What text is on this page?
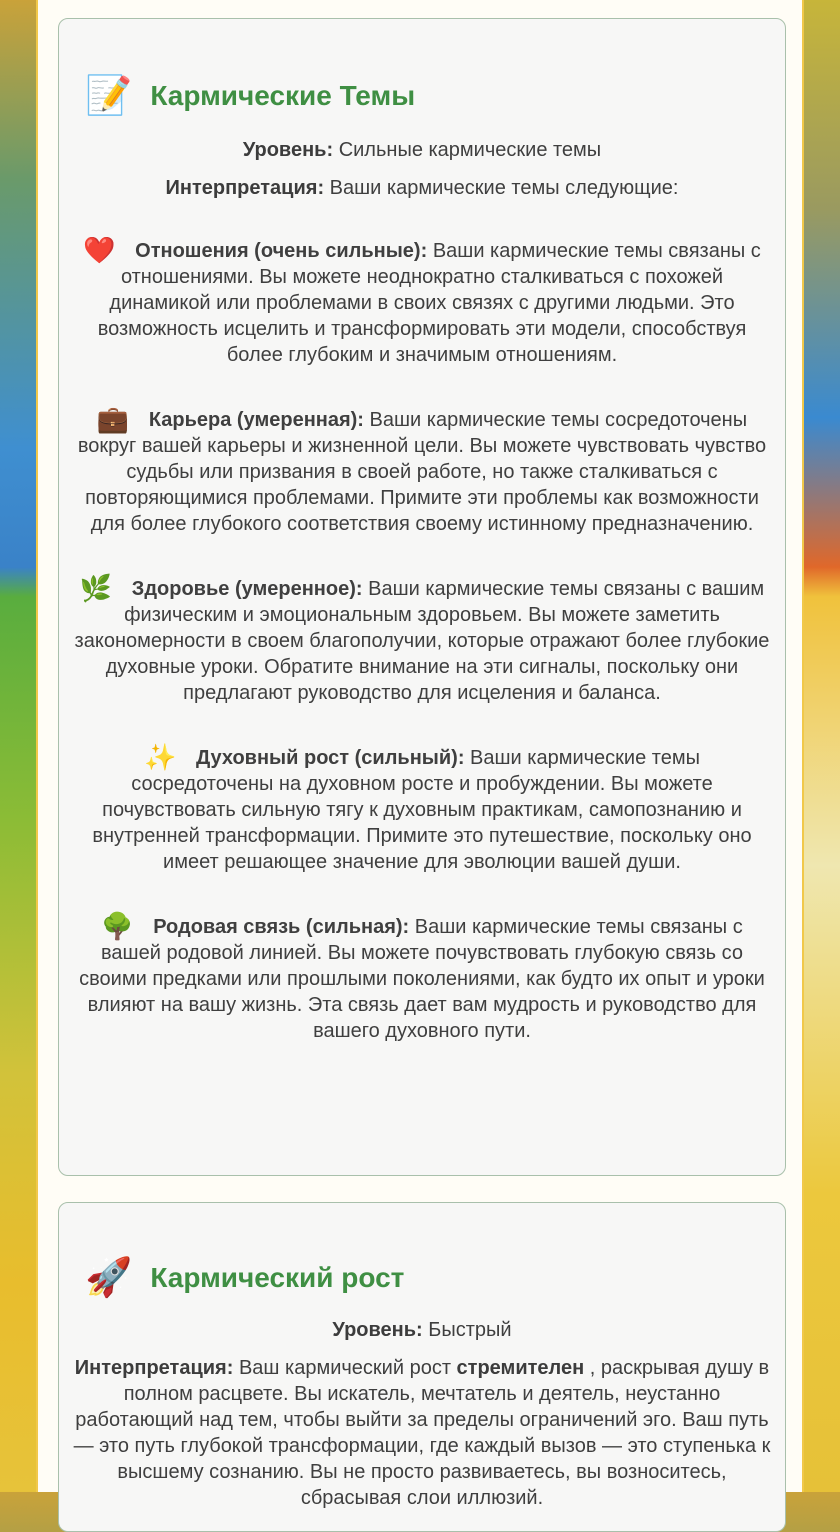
📝 Кармические Темы

Уровень: Сильные кармические темы

Интерпретация: Ваши кармические темы следующие:

❤️ Отношения (очень сильные): Ваши кармические темы связаны с отношениями. Вы можете неоднократно сталкиваться с похожей динамикой или проблемами в своих связях с другими людьми. Это возможность исцелить и трансформировать эти модели, способствуя более глубоким и значимым отношениям.

💼 Карьера (умеренная): Ваши кармические темы сосредоточены вокруг вашей карьеры и жизненной цели. Вы можете чувствовать чувство судьбы или призвания в своей работе, но также сталкиваться с повторяющимися проблемами. Примите эти проблемы как возможности для более глубокого соответствия своему истинному предназначению.

🌿 Здоровье (умеренное): Ваши кармические темы связаны с вашим физическим и эмоциональным здоровьем. Вы можете заметить закономерности в своем благополучии, которые отражают более глубокие духовные уроки. Обратите внимание на эти сигналы, поскольку они предлагают руководство для исцеления и баланса.

✨ Духовный рост (сильный): Ваши кармические темы сосредоточены на духовном росте и пробуждении. Вы можете почувствовать сильную тягу к духовным практикам, самопознанию и внутренней трансформации. Примите это путешествие, поскольку оно имеет решающее значение для эволюции вашей души.

🌳 Родовая связь (сильная): Ваши кармические темы связаны с вашей родовой линией. Вы можете почувствовать глубокую связь со своими предками или прошлыми поколениями, как будто их опыт и уроки влияют на вашу жизнь. Эта связь дает вам мудрость и руководство для вашего духовного пути.

🚀 Кармический рост

Уровень: Быстрый

Интерпретация: Ваш кармический рост стремителен , раскрывая душу в полном расцвете. Вы искатель, мечтатель и деятель, неустанно работающий над тем, чтобы выйти за пределы ограничений эго. Ваш путь — это путь глубокой трансформации, где каждый вызов — это ступенька к высшему сознанию. Вы не просто развиваетесь, вы возноситесь, сбрасывая слои иллюзий.
